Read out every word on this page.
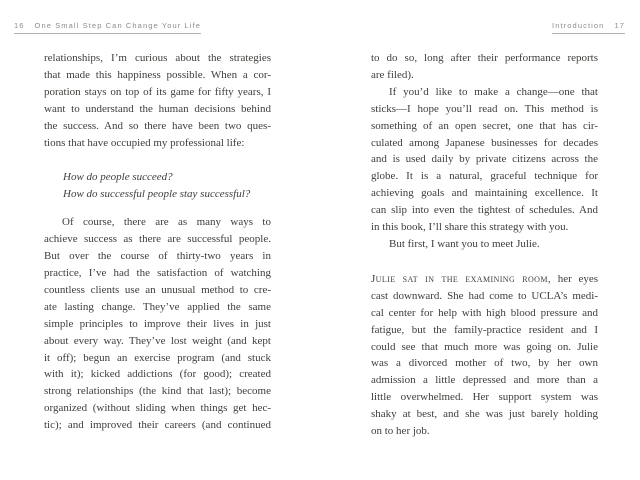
16 One Small Step Can Change Your Life	Introduction 17
relationships, I’m curious about the strategies
that made this happiness possible. When a cor-
poration stays on top of its game for fifty years, I
want to understand the human decisions behind
the success. And so there have been two ques-
tions that have occupied my professional life:
How do people succeed?
How do successful people stay successful?
Of course, there are as many ways to
achieve success as there are successful people.
But over the course of thirty-two years in
practice, I’ve had the satisfaction of watching
countless clients use an unusual method to cre-
ate lasting change. They’ve applied the same
simple principles to improve their lives in just
about every way. They’ve lost weight (and kept
it off); begun an exercise program (and stuck
with it); kicked addictions (for good); created
strong relationships (the kind that last); become
organized (without sliding when things get hec-
tic); and improved their careers (and continued
to do so, long after their performance reports
are filed).
If you’d like to make a change—one that
sticks—I hope you’ll read on. This method is
something of an open secret, one that has cir-
culated among Japanese businesses for decades
and is used daily by private citizens across the
globe. It is a natural, graceful technique for
achieving goals and maintaining excellence. It
can slip into even the tightest of schedules. And
in this book, I’ll share this strategy with you.
But first, I want you to meet Julie.
Julie sat in the examining room, her eyes
cast downward. She had come to UCLA’s medi-
cal center for help with high blood pressure and
fatigue, but the family-practice resident and I
could see that much more was going on. Julie
was a divorced mother of two, by her own
admission a little depressed and more than a
little overwhelmed. Her support system was
shaky at best, and she was just barely holding
on to her job.
